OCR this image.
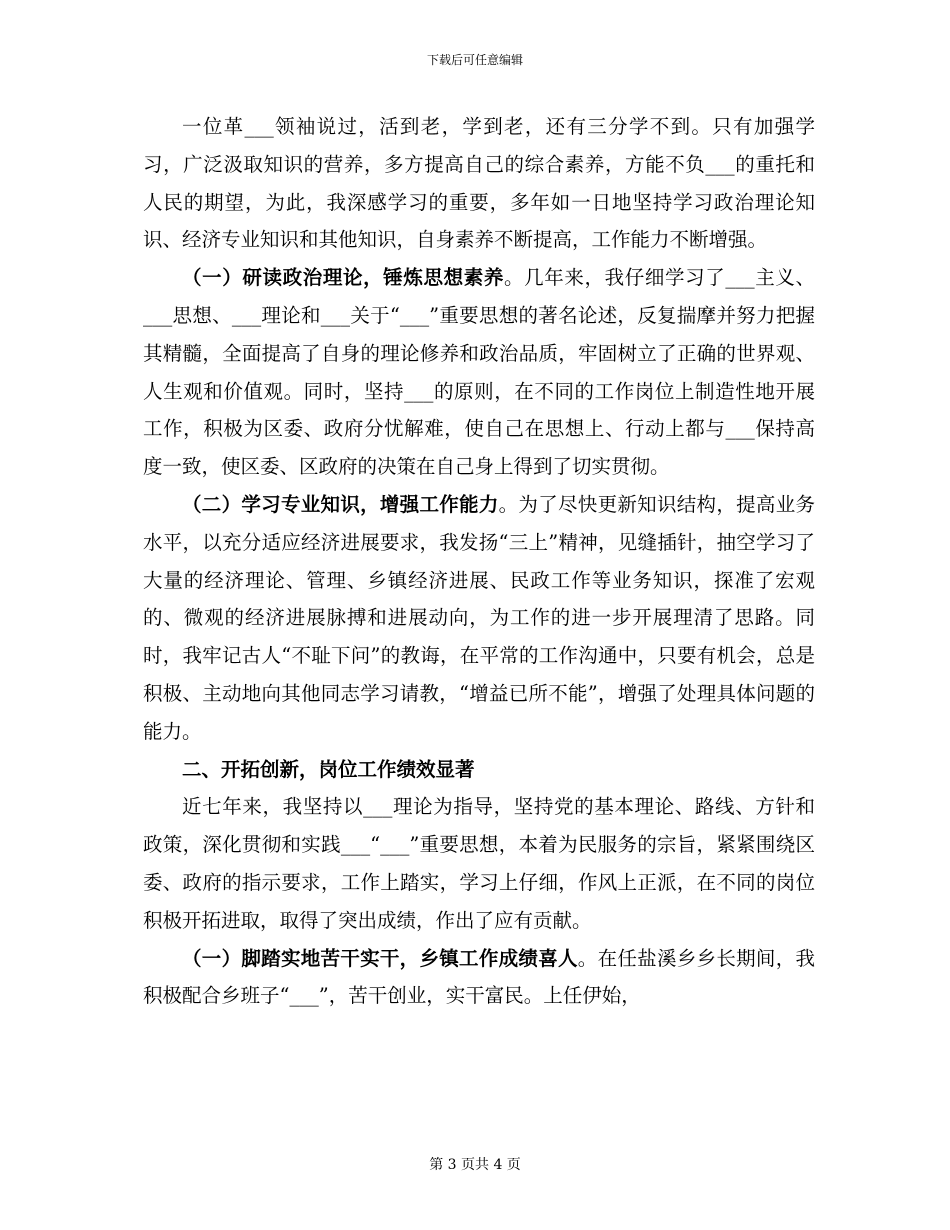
下载后可任意编辑

一位革___领袖说过，活到老，学到老，还有三分学不到。只有加强学习，广泛汲取知识的营养，多方提高自己的综合素养，方能不负___的重托和人民的期望，为此，我深感学习的重要，多年如一日地坚持学习政治理论知识、经济专业知识和其他知识，自身素养不断提高，工作能力不断增强。

（一）研读政治理论，锤炼思想素养。几年来，我仔细学习了___主义、___思想、___理论和___关于“___”重要思想的著名论述，反复揣摩并努力把握其精髓，全面提高了自身的理论修养和政治品质，牢固树立了正确的世界观、人生观和价值观。同时，坚持___的原则，在不同的工作岗位上制造性地开展工作，积极为区委、政府分忧解难，使自己在思想上、行动上都与___保持高度一致，使区委、区政府的决策在自己身上得到了切实贯彻。

（二）学习专业知识，增强工作能力。为了尽快更新知识结构，提高业务水平，以充分适应经济进展要求，我发扬“三上”精神，见缝插针，抽空学习了大量的经济理论、管理、乡镇经济进展、民政工作等业务知识，探准了宏观的、微观的经济进展脉搏和进展动向，为工作的进一步开展理清了思路。同时，我牢记古人“不耻下问”的教诲，在平常的工作沟通中，只要有机会，总是积极、主动地向其他同志学习请教，“增益已所不能”，增强了处理具体问题的能力。

二、开拓创新，岗位工作绩效显著

近七年来，我坚持以___理论为指导，坚持党的基本理论、路线、方针和政策，深化贯彻和实践___“___”重要思想，本着为民服务的宗旨，紧紧围绕区委、政府的指示要求，工作上踏实，学习上仔细，作风上正派，在不同的岗位积极开拓进取，取得了突出成绩，作出了应有贡献。

（一）脚踏实地苦干实干，乡镇工作成绩喜人。在任盐溪乡乡长期间，我积极配合乡班子“___”，苦干创业，实干富民。上任伊始，

第 3 页共 4 页
